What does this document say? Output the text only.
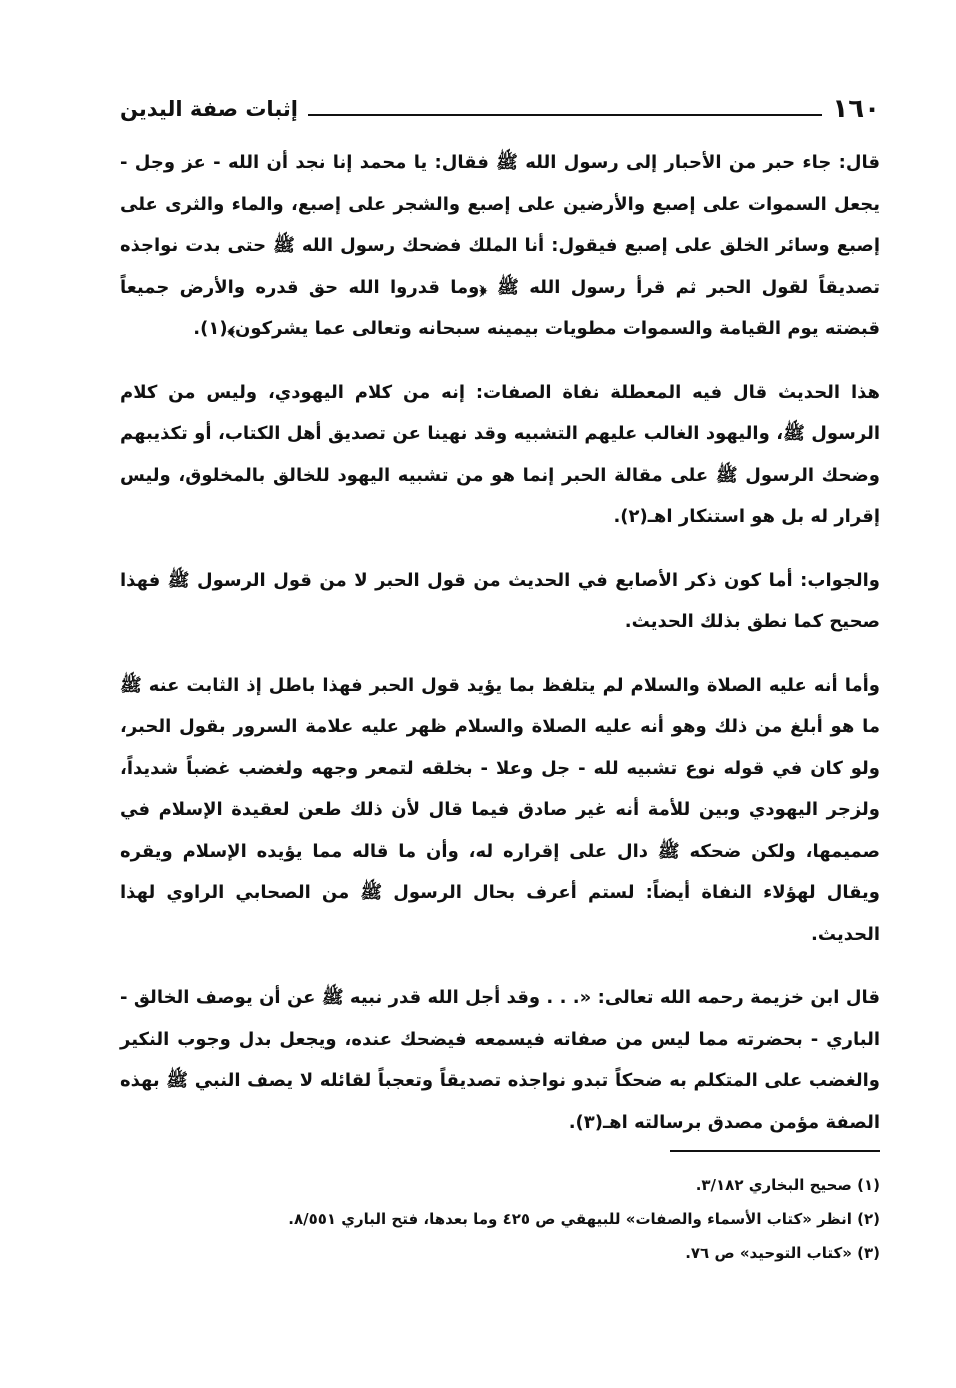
١٦٠
إثبات صفة اليدين

قال: جاء حبر من الأحبار إلى رسول الله ﷺ فقال: يا محمد إنا نجد أن الله - عز وجل - يجعل السموات على إصبع والأرضين على إصبع والشجر على إصبع، والماء والثرى على إصبع وسائر الخلق على إصبع فيقول: أنا الملك فضحك رسول الله ﷺ حتى بدت نواجذه تصديقاً لقول الحبر ثم قرأ رسول الله ﷺ ﴿وما قدروا الله حق قدره والأرض جميعاً قبضته يوم القيامة والسموات مطويات بيمينه سبحانه وتعالى عما يشركون﴾(١).

هذا الحديث قال فيه المعطلة نفاة الصفات: إنه من كلام اليهودي، وليس من كلام الرسول ﷺ، واليهود الغالب عليهم التشبيه وقد نهينا عن تصديق أهل الكتاب، أو تكذيبهم وضحك الرسول ﷺ على مقالة الحبر إنما هو من تشبيه اليهود للخالق بالمخلوق، وليس إقرار له بل هو استنكار اهـ(٢).

والجواب: أما كون ذكر الأصابع في الحديث من قول الحبر لا من قول الرسول ﷺ فهذا صحيح كما نطق بذلك الحديث.

وأما أنه عليه الصلاة والسلام لم يتلفظ بما يؤيد قول الحبر فهذا باطل إذ الثابت عنه ﷺ ما هو أبلغ من ذلك وهو أنه عليه الصلاة والسلام ظهر عليه علامة السرور بقول الحبر، ولو كان في قوله نوع تشبيه لله - جل وعلا - بخلقه لتمعر وجهه ولغضب غضباً شديداً، ولزجر اليهودي وبين للأمة أنه غير صادق فيما قال لأن ذلك طعن لعقيدة الإسلام في صميمها، ولكن ضحكه ﷺ دال على إقراره له، وأن ما قاله مما يؤيده الإسلام ويقره ويقال لهؤلاء النفاة أيضاً: لستم أعرف بحال الرسول ﷺ من الصحابي الراوي لهذا الحديث.

قال ابن خزيمة رحمه الله تعالى: «. . . وقد أجل الله قدر نبيه ﷺ عن أن يوصف الخالق - الباري - بحضرته مما ليس من صفاته فيسمعه فيضحك عنده، ويجعل بدل وجوب النكير والغضب على المتكلم به ضحكاً تبدو نواجذه تصديقاً وتعجباً لقائله لا يصف النبي ﷺ بهذه الصفة مؤمن مصدق برسالته اهـ(٣).

(١) صحيح البخاري ٣/١٨٢.

(٢) انظر «كتاب الأسماء والصفات» للبيهقي ص ٤٢٥ وما بعدها، فتح الباري ٨/٥٥١.

(٣) «كتاب التوحيد» ص ٧٦.
